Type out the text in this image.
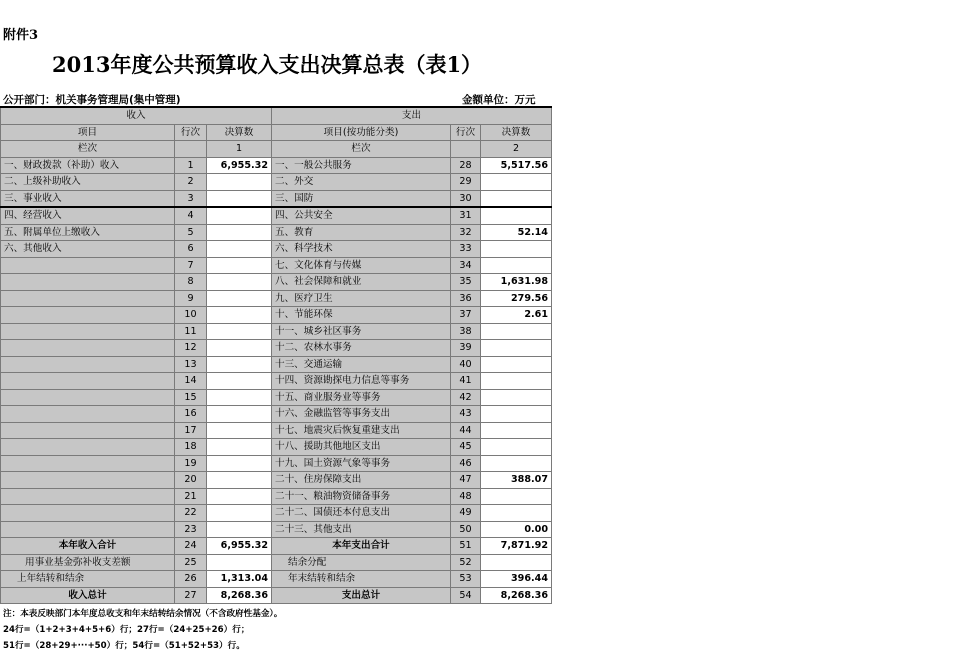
附件3
2013年度公共预算收入支出决算总表（表1）
公开部门：机关事务管理局(集中管理)	金额单位：万元
收入			支出		
项目	行次	决算数	项目(按功能分类)	行次	决算数
栏次		1	栏次		2
一、财政拨款（补助）收入	1	6,955.32	一、一般公共服务	28	5,517.56
二、上级补助收入	2		二、外交	29	
三、事业收入	3		三、国防	30	
四、经营收入	4		四、公共安全	31	
五、附属单位上缴收入	5		五、教育	32	52.14
六、其他收入	6		六、科学技术	33	
	7		七、文化体育与传媒	34	
	8		八、社会保障和就业	35	1,631.98
	9		九、医疗卫生	36	279.56
	10		十、节能环保	37	2.61
	11		十一、城乡社区事务	38	
	12		十二、农林水事务	39	
	13		十三、交通运输	40	
	14		十四、资源勘探电力信息等事务	41	
	15		十五、商业服务业等事务	42	
	16		十六、金融监管等事务支出	43	
	17		十七、地震灾后恢复重建支出	44	
	18		十八、援助其他地区支出	45	
	19		十九、国土资源气象等事务	46	
	20		二十、住房保障支出	47	388.07
	21		二十一、粮油物资储备事务	48	
	22		二十二、国债还本付息支出	49	
	23		二十三、其他支出	50	0.00
本年收入合计	24	6,955.32	本年支出合计	51	7,871.92
用事业基金弥补收支差额	25		结余分配	52	
上年结转和结余	26	1,313.04	年末结转和结余	53	396.44
收入总计	27	8,268.36	支出总计	54	8,268.36
注：本表反映部门本年度总收支和年末结转结余情况（不含政府性基金）。
24行=（1+2+3+4+5+6）行；27行=（24+25+26）行；
51行=（28+29+···+50）行；54行=（51+52+53）行。
